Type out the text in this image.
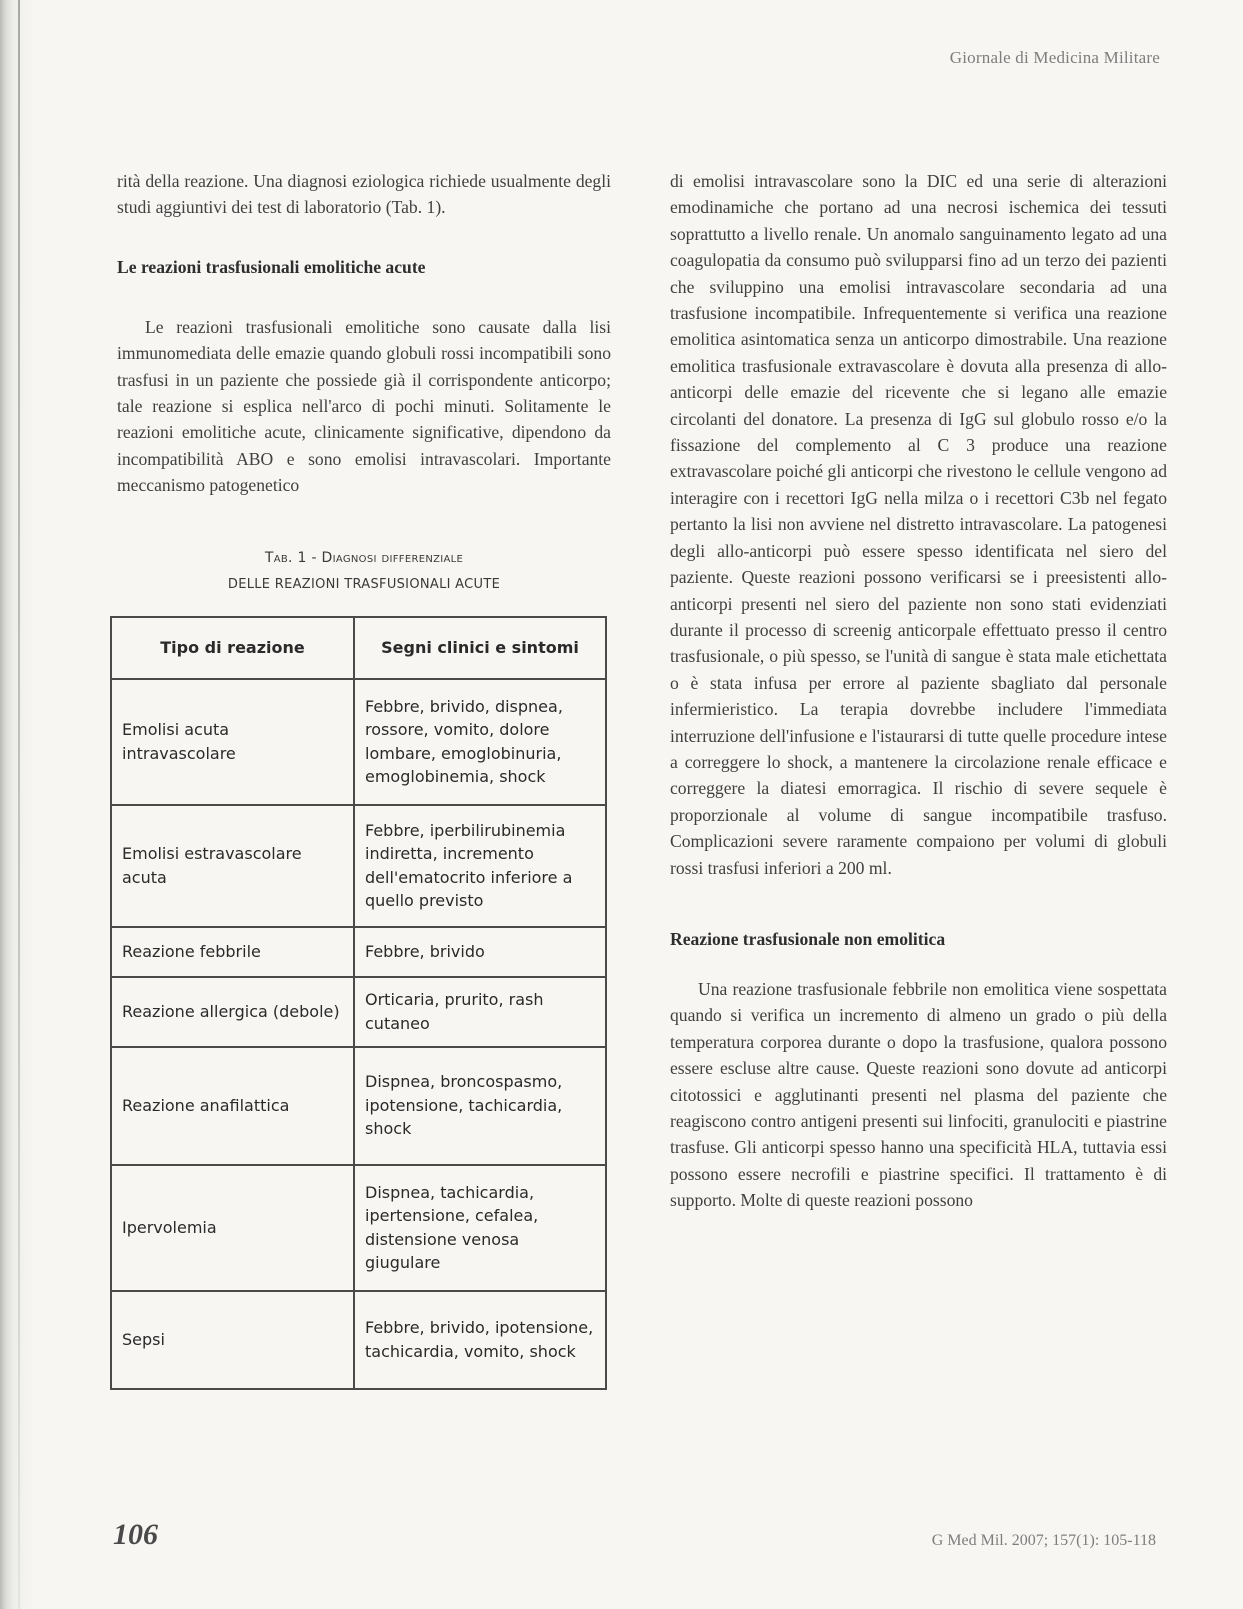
Giornale di Medicina Militare

rità della reazione. Una diagnosi eziologica richiede usualmente degli studi aggiuntivi dei test di laboratorio (Tab. 1).

Le reazioni trasfusionali emolitiche acute

Le reazioni trasfusionali emolitiche sono causate dalla lisi immunomediata delle emazie quando globuli rossi incompatibili sono trasfusi in un paziente che possiede già il corrispondente anticorpo; tale reazione si esplica nell'arco di pochi minuti. Solitamente le reazioni emolitiche acute, clinicamente significative, dipendono da incompatibilità ABO e sono emolisi intravascolari. Importante meccanismo patogenetico

Tab. 1 - Diagnosi differenziale

DELLE REAZIONI TRASFUSIONALI ACUTE

Tipo di reazione	Segni clinici e sintomi
Emolisi acuta intravascolare	Febbre, brivido, dispnea, rossore, vomito, dolore lombare, emoglobinuria, emoglobinemia, shock
Emolisi estravascolare acuta	Febbre, iperbilirubinemia indiretta, incremento dell'ematocrito inferiore a quello previsto
Reazione febbrile	Febbre, brivido
Reazione allergica (debole)	Orticaria, prurito, rash cutaneo
Reazione anafilattica	Dispnea, broncospasmo, ipotensione, tachicardia, shock
Ipervolemia	Dispnea, tachicardia, ipertensione, cefalea, distensione venosa giugulare
Sepsi	Febbre, brivido, ipotensione, tachicardia, vomito, shock

di emolisi intravascolare sono la DIC ed una serie di alterazioni emodinamiche che portano ad una necrosi ischemica dei tessuti soprattutto a livello renale. Un anomalo sanguinamento legato ad una coagulopatia da consumo può svilupparsi fino ad un terzo dei pazienti che sviluppino una emolisi intravascolare secondaria ad una trasfusione incompatibile. Infrequentemente si verifica una reazione emolitica asintomatica senza un anticorpo dimostrabile. Una reazione emolitica trasfusionale extravascolare è dovuta alla presenza di allo-anticorpi delle emazie del ricevente che si legano alle emazie circolanti del donatore. La presenza di IgG sul globulo rosso e/o la fissazione del complemento al C 3 produce una reazione extravascolare poiché gli anticorpi che rivestono le cellule vengono ad interagire con i recettori IgG nella milza o i recettori C3b nel fegato pertanto la lisi non avviene nel distretto intravascolare. La patogenesi degli allo-anticorpi può essere spesso identificata nel siero del paziente. Queste reazioni possono verificarsi se i preesistenti allo-anticorpi presenti nel siero del paziente non sono stati evidenziati durante il processo di screenig anticorpale effettuato presso il centro trasfusionale, o più spesso, se l'unità di sangue è stata male etichettata o è stata infusa per errore al paziente sbagliato dal personale infermieristico. La terapia dovrebbe includere l'immediata interruzione dell'infusione e l'istaurarsi di tutte quelle procedure intese a correggere lo shock, a mantenere la circolazione renale efficace e correggere la diatesi emorragica. Il rischio di severe sequele è proporzionale al volume di sangue incompatibile trasfuso. Complicazioni severe raramente compaiono per volumi di globuli rossi trasfusi inferiori a 200 ml.

Reazione trasfusionale non emolitica

Una reazione trasfusionale febbrile non emolitica viene sospettata quando si verifica un incremento di almeno un grado o più della temperatura corporea durante o dopo la trasfusione, qualora possono essere escluse altre cause. Queste reazioni sono dovute ad anticorpi citotossici e agglutinanti presenti nel plasma del paziente che reagiscono contro antigeni presenti sui linfociti, granulociti e piastrine trasfuse. Gli anticorpi spesso hanno una specificità HLA, tuttavia essi possono essere necrofili e piastrine specifici. Il trattamento è di supporto. Molte di queste reazioni possono

106	G Med Mil. 2007; 157(1): 105-118
